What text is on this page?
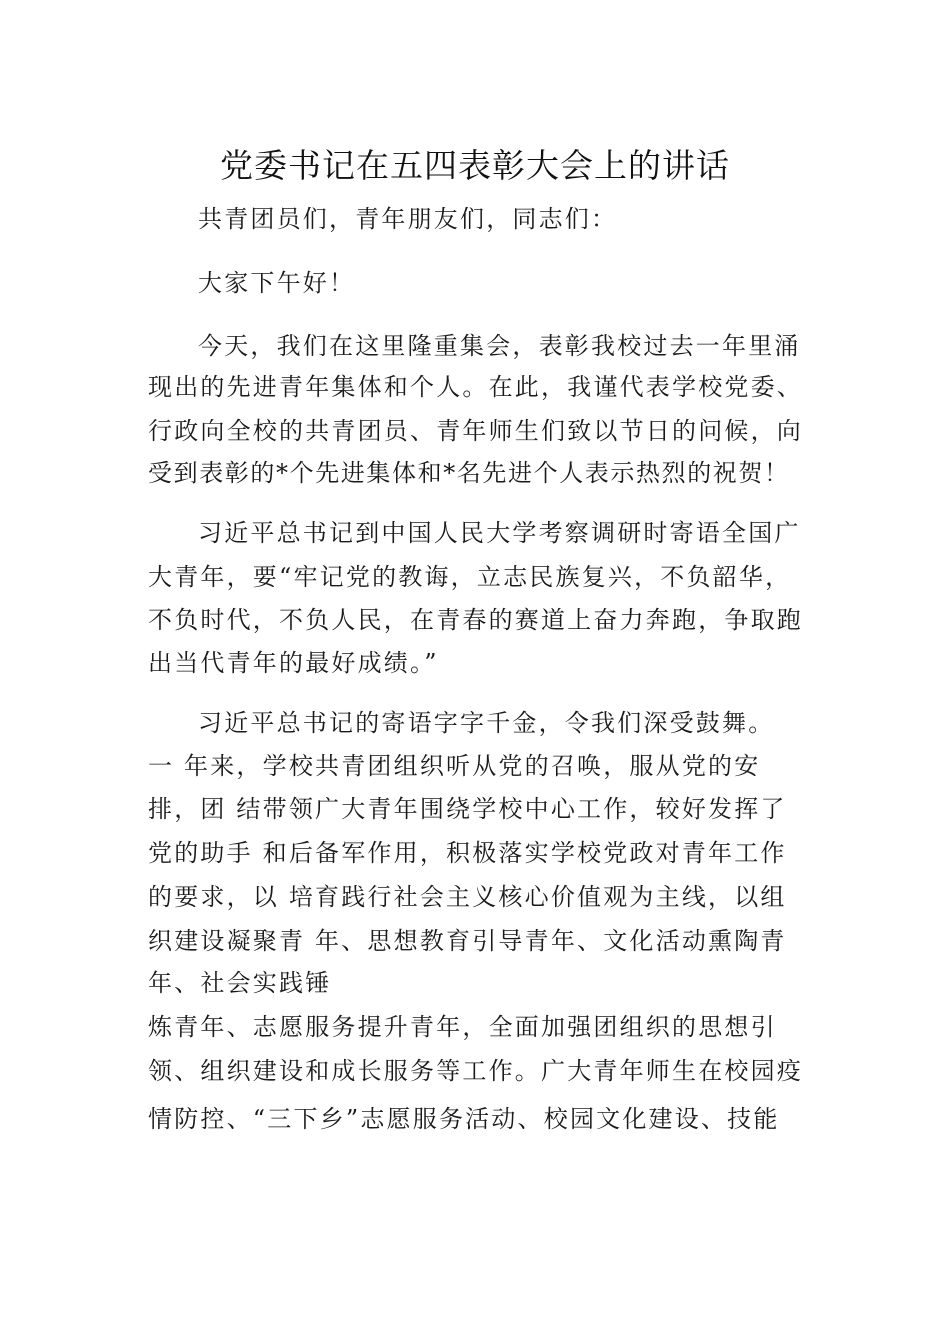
党委书记在五四表彰大会上的讲话
共青团员们，青年朋友们，同志们：
大家下午好！
今天，我们在这里隆重集会，表彰我校过去一年里涌
现出的先进青年集体和个人。在此，我谨代表学校党委、
行政向全校的共青团员、青年师生们致以节日的问候，向
受到表彰的*个先进集体和*名先进个人表示热烈的祝贺！
习近平总书记到中国人民大学考察调研时寄语全国广
大青年，要“牢记党的教诲，立志民族复兴，不负韶华，
不负时代，不负人民，在青春的赛道上奋力奔跑，争取跑
出当代青年的最好成绩。”
习近平总书记的寄语字字千金，令我们深受鼓舞。
一 年来，学校共青团组织听从党的召唤，服从党的安
排，团 结带领广大青年围绕学校中心工作，较好发挥了
党的助手 和后备军作用，积极落实学校党政对青年工作
的要求，以 培育践行社会主义核心价值观为主线，以组
织建设凝聚青 年、思想教育引导青年、文化活动熏陶青
年、社会实践锤
炼青年、志愿服务提升青年，全面加强团组织的思想引
领、组织建设和成长服务等工作。广大青年师生在校园疫
情防控、“三下乡”志愿服务活动、校园文化建设、技能
